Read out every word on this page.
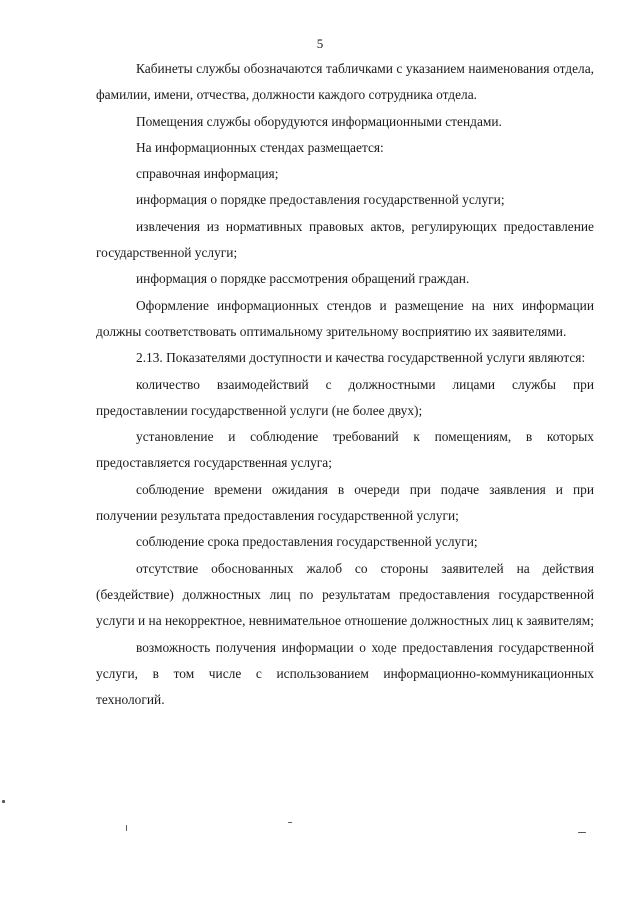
5

Кабинеты службы обозначаются табличками с указанием наименования отдела, фамилии, имени, отчества, должности каждого сотрудника отдела.

Помещения службы оборудуются информационными стендами.

На информационных стендах размещается:

справочная информация;

информация о порядке предоставления государственной услуги;

извлечения из нормативных правовых актов, регулирующих предоставление государственной услуги;

информация о порядке рассмотрения обращений граждан.

Оформление информационных стендов и размещение на них информации должны соответствовать оптимальному зрительному восприятию их заявителями.

2.13. Показателями доступности и качества государственной услуги являются:

количество взаимодействий с должностными лицами службы при предоставлении государственной услуги (не более двух);

установление и соблюдение требований к помещениям, в которых предоставляется государственная услуга;

соблюдение времени ожидания в очереди при подаче заявления и при получении результата предоставления государственной услуги;

соблюдение срока предоставления государственной услуги;

отсутствие обоснованных жалоб со стороны заявителей на действия (бездействие) должностных лиц по результатам предоставления государственной услуги и на некорректное, невнимательное отношение должностных лиц к заявителям;

возможность получения информации о ходе предоставления государственной услуги, в том числе с использованием информационно-коммуникационных технологий.
